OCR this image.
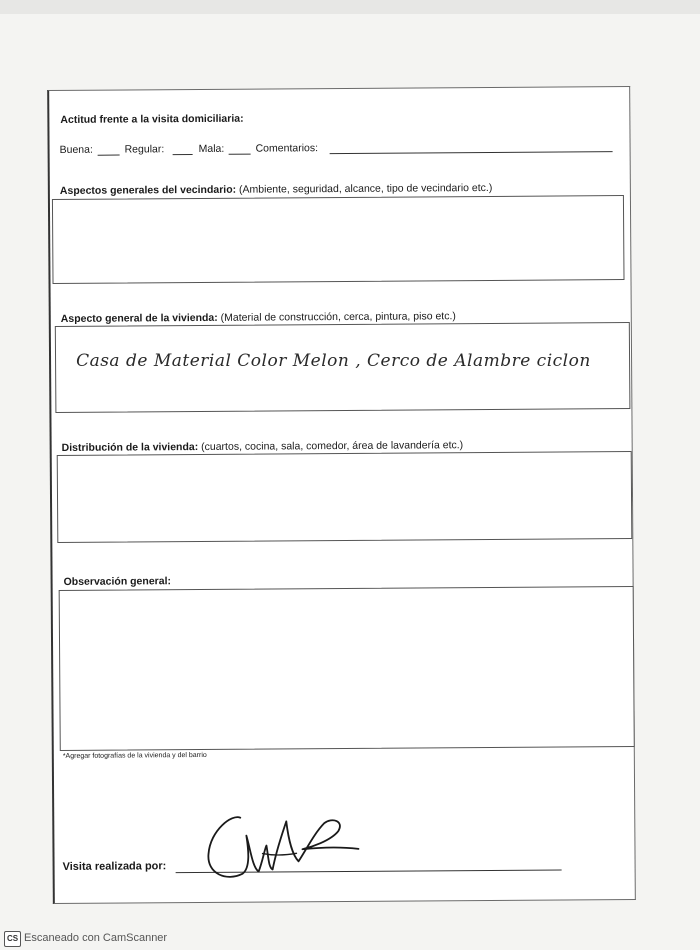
Actitud frente a la visita domiciliaria:
Buena:	Regular:	Mala:	Comentarios:
Aspectos generales del vecindario: (Ambiente, seguridad, alcance, tipo de vecindario etc.)
Aspecto general de la vivienda: (Material de construcción, cerca, pintura, piso etc.)
Casa de Material Color Melon , Cerco de Alambre ciclon
Distribución de la vivienda: (cuartos, cocina, sala, comedor, área de lavandería etc.)
Observación general:
*Agregar fotografías de la vivienda y del barrio
Visita realizada por:
CS Escaneado con CamScanner
